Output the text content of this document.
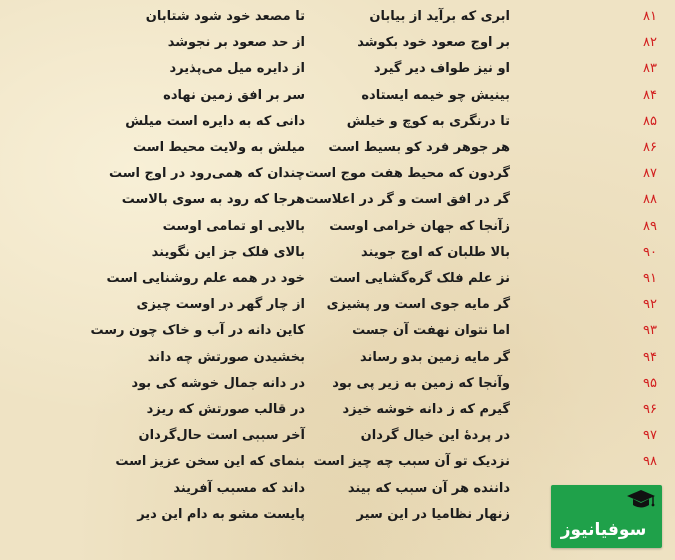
۸۱
ابری که برآید از بیابان
تا مصعد خود شود شتابان
۸۲
بر اوج صعود خود بکوشد
از حد صعود بر نجوشد
۸۳
او نیز طواف دیر گیرد
از دایره میل می‌پذیرد
۸۴
بینیش چو خیمه ایستاده
سر بر افق زمین نهاده
۸۵
تا درنگری به کوچ و خیلش
دانی که به دایره است میلش
۸۶
هر جوهر فرد کو بسیط است
میلش به ولایت محیط است
۸۷
گردون که محیط هفت موج است
چندان که همی‌رود در اوج است
۸۸
گر در افق است و گر در اعلاست
هرجا که رود به سوی بالاست
۸۹
زآنجا که جهان خرامی اوست
بالایی او تمامی اوست
۹۰
بالا طلبان که اوج جویند
بالای فلک جز این نگویند
۹۱
نز علم فلک گره‌گشایی است
خود در همه علم روشنایی است
۹۲
گر مایه جوی است ور پشیزی
از چار گهر در اوست چیزی
۹۳
اما نتوان نهفت آن جست
کاین دانه در آب و خاک چون رست
۹۴
گر مایه زمین بدو رساند
بخشیدن صورتش چه داند
۹۵
وآنجا که زمین به زیر پی بود
در دانه جمال خوشه کی بود
۹۶
گیرم که ز دانه خوشه خیزد
در قالب صورتش که ریزد
۹۷
در پردهٔ این خیال گردان
آخر سببی است حال‌گردان
۹۸
نزدیک تو آن سبب چه چیز است
بنمای که این سخن عزیز است
داننده هر آن سبب که بیند
داند که مسبب آفریند
زنهار نظامیا در این سیر
پایست مشو به دام این دیر
سوفیانیوز
